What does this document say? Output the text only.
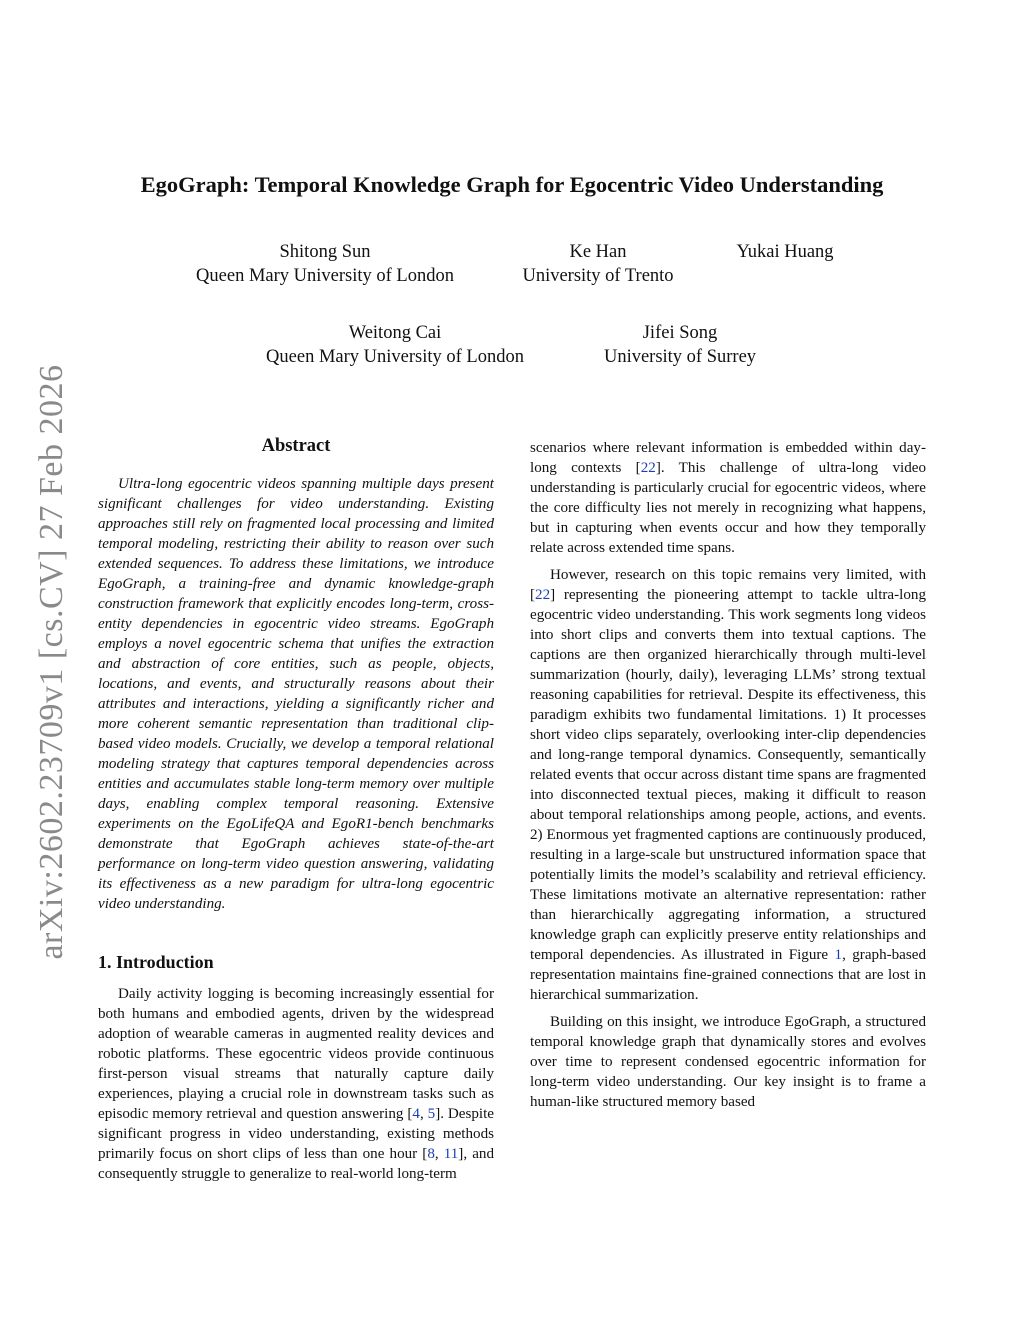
arXiv:2602.23709v1 [cs.CV] 27 Feb 2026
EgoGraph: Temporal Knowledge Graph for Egocentric Video Understanding
Shitong Sun
Queen Mary University of London
Ke Han
University of Trento
Yukai Huang
Weitong Cai
Queen Mary University of London
Jifei Song
University of Surrey
Abstract

Ultra-long egocentric videos spanning multiple days present significant challenges for video understanding. Existing approaches still rely on fragmented local processing and limited temporal modeling, restricting their ability to reason over such extended sequences. To address these limitations, we introduce EgoGraph, a training-free and dynamic knowledge-graph construction framework that explicitly encodes long-term, cross-entity dependencies in egocentric video streams. EgoGraph employs a novel egocentric schema that unifies the extraction and abstraction of core entities, such as people, objects, locations, and events, and structurally reasons about their attributes and interactions, yielding a significantly richer and more coherent semantic representation than traditional clip-based video models. Crucially, we develop a temporal relational modeling strategy that captures temporal dependencies across entities and accumulates stable long-term memory over multiple days, enabling complex temporal reasoning. Extensive experiments on the EgoLifeQA and EgoR1-bench benchmarks demonstrate that EgoGraph achieves state-of-the-art performance on long-term video question answering, validating its effectiveness as a new paradigm for ultra-long egocentric video understanding.

1. Introduction

Daily activity logging is becoming increasingly essential for both humans and embodied agents, driven by the widespread adoption of wearable cameras in augmented reality devices and robotic platforms. These egocentric videos provide continuous first-person visual streams that naturally capture daily experiences, playing a crucial role in downstream tasks such as episodic memory retrieval and question answering [4, 5]. Despite significant progress in video understanding, existing methods primarily focus on short clips of less than one hour [8, 11], and consequently struggle to generalize to real-world long-term

scenarios where relevant information is embedded within day-long contexts [22]. This challenge of ultra-long video understanding is particularly crucial for egocentric videos, where the core difficulty lies not merely in recognizing what happens, but in capturing when events occur and how they temporally relate across extended time spans.

However, research on this topic remains very limited, with [22] representing the pioneering attempt to tackle ultra-long egocentric video understanding. This work segments long videos into short clips and converts them into textual captions. The captions are then organized hierarchically through multi-level summarization (hourly, daily), leveraging LLMs’ strong textual reasoning capabilities for retrieval. Despite its effectiveness, this paradigm exhibits two fundamental limitations. 1) It processes short video clips separately, overlooking inter-clip dependencies and long-range temporal dynamics. Consequently, semantically related events that occur across distant time spans are fragmented into disconnected textual pieces, making it difficult to reason about temporal relationships among people, actions, and events. 2) Enormous yet fragmented captions are continuously produced, resulting in a large-scale but unstructured information space that potentially limits the model’s scalability and retrieval efficiency. These limitations motivate an alternative representation: rather than hierarchically aggregating information, a structured knowledge graph can explicitly preserve entity relationships and temporal dependencies. As illustrated in Figure 1, graph-based representation maintains fine-grained connections that are lost in hierarchical summarization.

Building on this insight, we introduce EgoGraph, a structured temporal knowledge graph that dynamically stores and evolves over time to represent condensed egocentric information for long-term video understanding. Our key insight is to frame a human-like structured memory based
